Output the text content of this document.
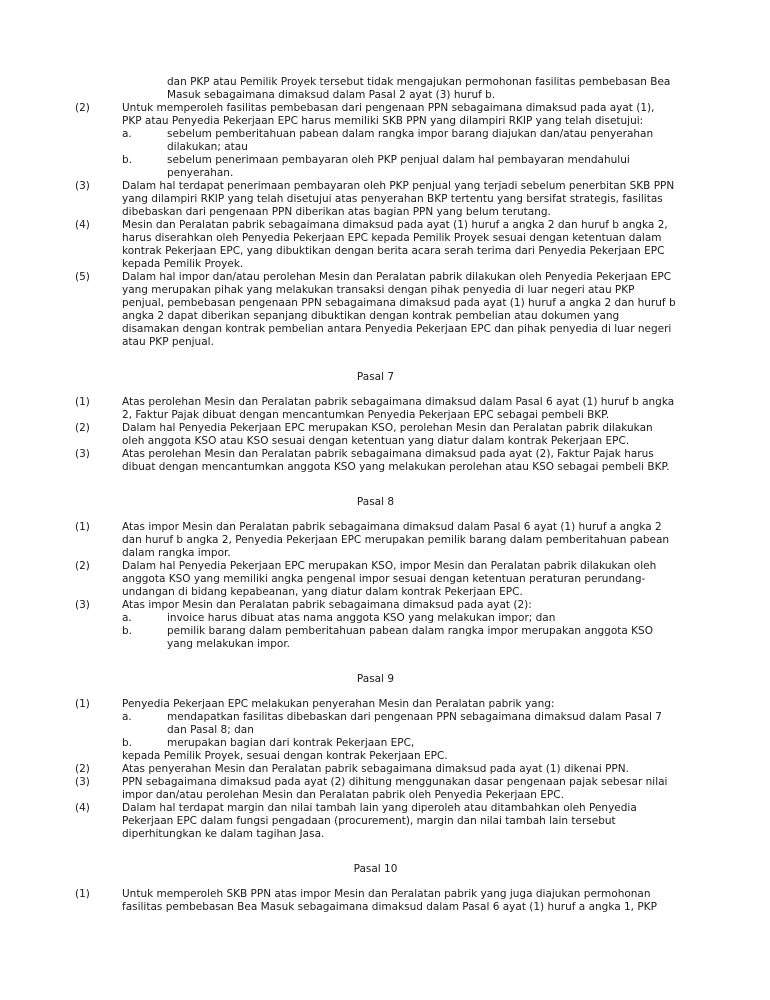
dan PKP atau Pemilik Proyek tersebut tidak mengajukan permohonan fasilitas pembebasan Bea Masuk sebagaimana dimaksud dalam Pasal 2 ayat (3) huruf b.
(2)	Untuk memperoleh fasilitas pembebasan dari pengenaan PPN sebagaimana dimaksud pada ayat (1), PKP atau Penyedia Pekerjaan EPC harus memiliki SKB PPN yang dilampiri RKIP yang telah disetujui:
a.	sebelum pemberitahuan pabean dalam rangka impor barang diajukan dan/atau penyerahan dilakukan; atau
b.	sebelum penerimaan pembayaran oleh PKP penjual dalam hal pembayaran mendahului penyerahan.
(3)	Dalam hal terdapat penerimaan pembayaran oleh PKP penjual yang terjadi sebelum penerbitan SKB PPN yang dilampiri RKIP yang telah disetujui atas penyerahan BKP tertentu yang bersifat strategis, fasilitas dibebaskan dari pengenaan PPN diberikan atas bagian PPN yang belum terutang.
(4)	Mesin dan Peralatan pabrik sebagaimana dimaksud pada ayat (1) huruf a angka 2 dan huruf b angka 2, harus diserahkan oleh Penyedia Pekerjaan EPC kepada Pemilik Proyek sesuai dengan ketentuan dalam kontrak Pekerjaan EPC, yang dibuktikan dengan berita acara serah terima dari Penyedia Pekerjaan EPC kepada Pemilik Proyek.
(5)	Dalam hal impor dan/atau perolehan Mesin dan Peralatan pabrik dilakukan oleh Penyedia Pekerjaan EPC yang merupakan pihak yang melakukan transaksi dengan pihak penyedia di luar negeri atau PKP penjual, pembebasan pengenaan PPN sebagaimana dimaksud pada ayat (1) huruf a angka 2 dan huruf b angka 2 dapat diberikan sepanjang dibuktikan dengan kontrak pembelian atau dokumen yang disamakan dengan kontrak pembelian antara Penyedia Pekerjaan EPC dan pihak penyedia di luar negeri atau PKP penjual.
Pasal 7
(1)	Atas perolehan Mesin dan Peralatan pabrik sebagaimana dimaksud dalam Pasal 6 ayat (1) huruf b angka 2, Faktur Pajak dibuat dengan mencantumkan Penyedia Pekerjaan EPC sebagai pembeli BKP.
(2)	Dalam hal Penyedia Pekerjaan EPC merupakan KSO, perolehan Mesin dan Peralatan pabrik dilakukan oleh anggota KSO atau KSO sesuai dengan ketentuan yang diatur dalam kontrak Pekerjaan EPC.
(3)	Atas perolehan Mesin dan Peralatan pabrik sebagaimana dimaksud pada ayat (2), Faktur Pajak harus dibuat dengan mencantumkan anggota KSO yang melakukan perolehan atau KSO sebagai pembeli BKP.
Pasal 8
(1)	Atas impor Mesin dan Peralatan pabrik sebagaimana dimaksud dalam Pasal 6 ayat (1) huruf a angka 2 dan huruf b angka 2, Penyedia Pekerjaan EPC merupakan pemilik barang dalam pemberitahuan pabean dalam rangka impor.
(2)	Dalam hal Penyedia Pekerjaan EPC merupakan KSO, impor Mesin dan Peralatan pabrik dilakukan oleh anggota KSO yang memiliki angka pengenal impor sesuai dengan ketentuan peraturan perundang-undangan di bidang kepabeanan, yang diatur dalam kontrak Pekerjaan EPC.
(3)	Atas impor Mesin dan Peralatan pabrik sebagaimana dimaksud pada ayat (2):
a.	invoice harus dibuat atas nama anggota KSO yang melakukan impor; dan
b.	pemilik barang dalam pemberitahuan pabean dalam rangka impor merupakan anggota KSO yang melakukan impor.
Pasal 9
(1)	Penyedia Pekerjaan EPC melakukan penyerahan Mesin dan Peralatan pabrik yang:
a.	mendapatkan fasilitas dibebaskan dari pengenaan PPN sebagaimana dimaksud dalam Pasal 7 dan Pasal 8; dan
b.	merupakan bagian dari kontrak Pekerjaan EPC,
kepada Pemilik Proyek, sesuai dengan kontrak Pekerjaan EPC.
(2)	Atas penyerahan Mesin dan Peralatan pabrik sebagaimana dimaksud pada ayat (1) dikenai PPN.
(3)	PPN sebagaimana dimaksud pada ayat (2) dihitung menggunakan dasar pengenaan pajak sebesar nilai impor dan/atau perolehan Mesin dan Peralatan pabrik oleh Penyedia Pekerjaan EPC.
(4)	Dalam hal terdapat margin dan nilai tambah lain yang diperoleh atau ditambahkan oleh Penyedia Pekerjaan EPC dalam fungsi pengadaan (procurement), margin dan nilai tambah lain tersebut diperhitungkan ke dalam tagihan Jasa.
Pasal 10
(1)	Untuk memperoleh SKB PPN atas impor Mesin dan Peralatan pabrik yang juga diajukan permohonan fasilitas pembebasan Bea Masuk sebagaimana dimaksud dalam Pasal 6 ayat (1) huruf a angka 1, PKP
